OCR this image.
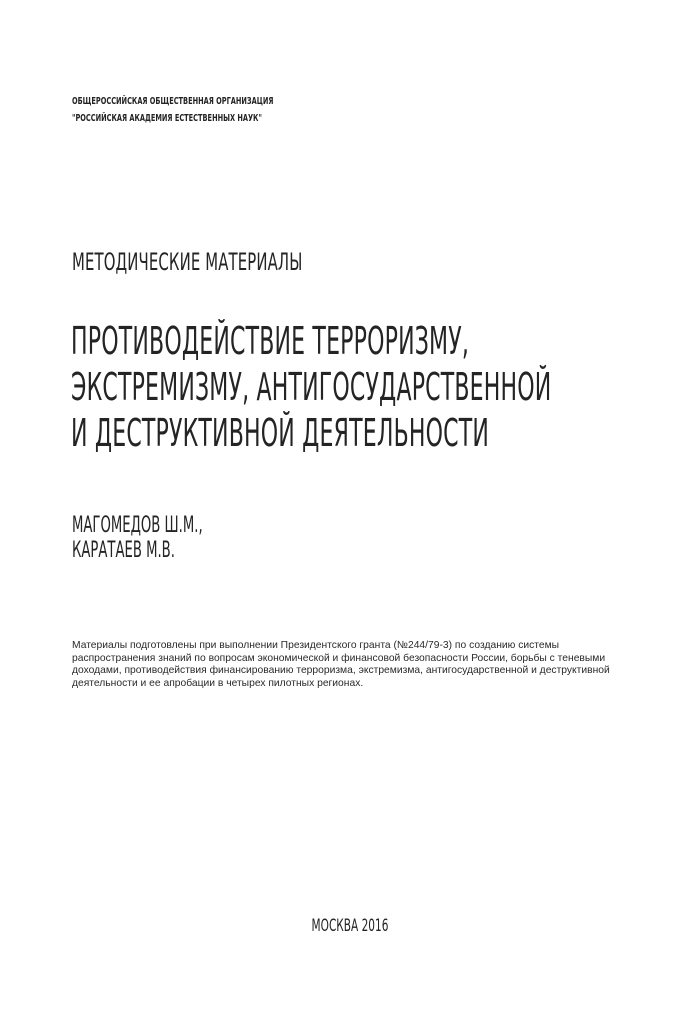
ОБЩЕРОССИЙСКАЯ ОБЩЕСТВЕННАЯ ОРГАНИЗАЦИЯ
"РОССИЙСКАЯ АКАДЕМИЯ ЕСТЕСТВЕННЫХ НАУК"
МЕТОДИЧЕСКИЕ МАТЕРИАЛЫ
ПРОТИВОДЕЙСТВИЕ ТЕРРОРИЗМУ,
ЭКСТРЕМИЗМУ, АНТИГОСУДАРСТВЕННОЙ
И ДЕСТРУКТИВНОЙ ДЕЯТЕЛЬНОСТИ
МАГОМЕДОВ Ш.М.,
КАРАТАЕВ М.В.

Материалы подготовлены при выполнении Президентского гранта (№244/79-3) по созданию системы распространения знаний по вопросам экономической и финансовой безопасности России, борьбы с теневыми доходами, противодействия финансированию терроризма, экстремизма, антигосударственной и деструктивной деятельности и ее апробации в четырех пилотных регионах.

МОСКВА 2016
